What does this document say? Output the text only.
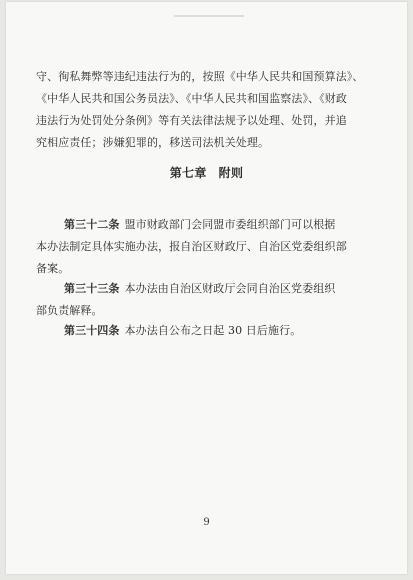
守、徇私舞弊等违纪违法行为的，按照《中华人民共和国预算法》、
《中华人民共和国公务员法》、《中华人民共和国监察法》、《财政
违法行为处罚处分条例》等有关法律法规予以处理、处罚，并追
究相应责任；涉嫌犯罪的，移送司法机关处理。
第七章 附则
第三十二条 盟市财政部门会同盟市委组织部门可以根据
本办法制定具体实施办法，报自治区财政厅、自治区党委组织部
备案。
第三十三条 本办法由自治区财政厅会同自治区党委组织
部负责解释。
第三十四条 本办法自公布之日起 30 日后施行。
9
